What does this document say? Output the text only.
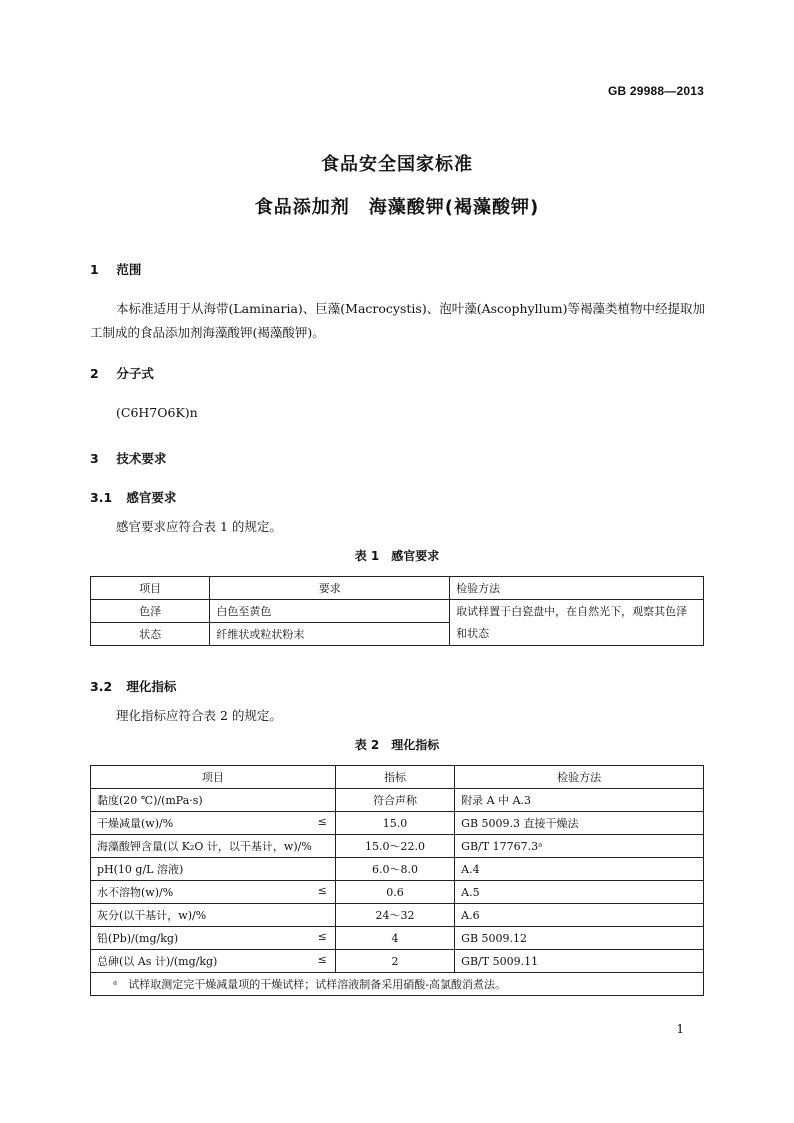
GB 29988—2013
食品安全国家标准
食品添加剂　海藻酸钾(褐藻酸钾)
1 范围
本标准适用于从海带(Laminaria)、巨藻(Macrocystis)、泡叶藻(Ascophyllum)等褐藻类植物中经提取加工制成的食品添加剂海藻酸钾(褐藻酸钾)。
2 分子式
(C6H7O6K)n
3 技术要求
3.1 感官要求
感官要求应符合表 1 的规定。
表 1　感官要求
项目	要求	检验方法
色泽	白色至黄色	取试样置于白瓷盘中，在自然光下，观察其色泽和状态
状态	纤维状或粒状粉末	
3.2 理化指标
理化指标应符合表 2 的规定。
表 2　理化指标
项目	指标	检验方法
黏度(20 ℃)/(mPa·s)	符合声称	附录 A 中 A.3
干燥减量(w)/% ≤	15.0	GB 5009.3 直接干燥法
海藻酸钾含量(以 K₂O 计，以干基计，w)/%	15.0～22.0	GB/T 17767.3ᵃ
pH(10 g/L 溶液)	6.0～8.0	A.4
水不溶物(w)/% ≤	0.6	A.5
灰分(以干基计，w)/%	24～32	A.6
铅(Pb)/(mg/kg) ≤	4	GB 5009.12
总砷(以 As 计)/(mg/kg) ≤	2	GB/T 5009.11
ᵃ　试样取测定完干燥减量项的干燥试样；试样溶液制备采用硝酸-高氯酸消煮法。		
1
